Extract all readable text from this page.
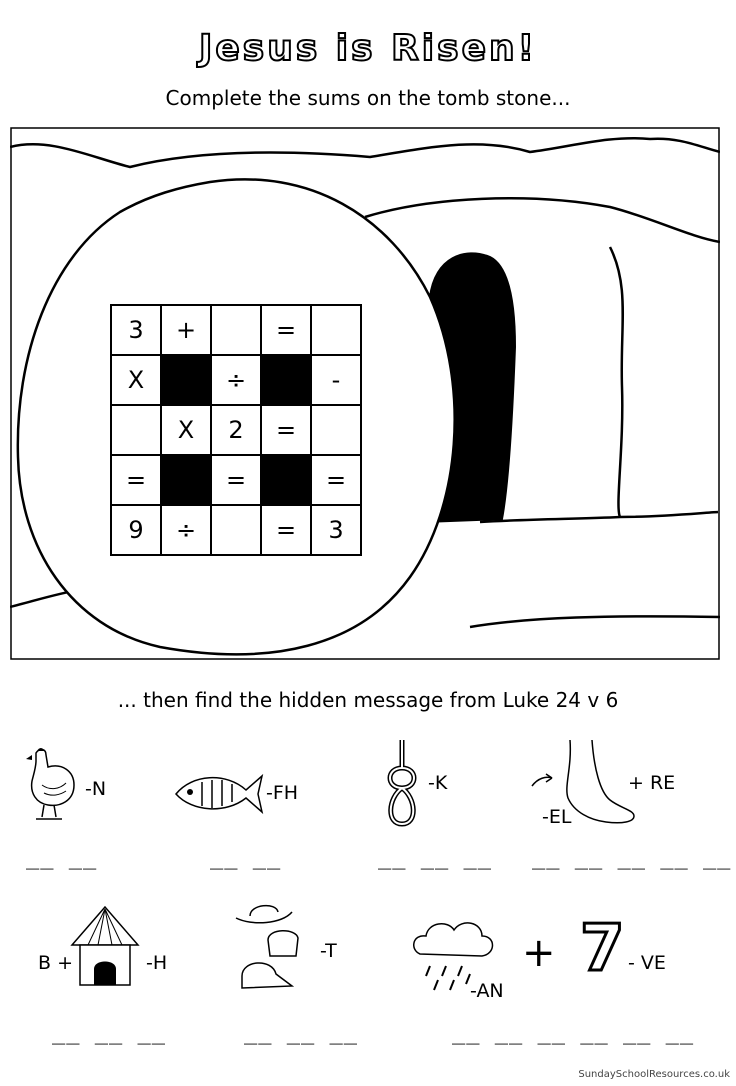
Jesus is Risen!
Complete the sums on the tomb stone...
3	+		=	
X		÷		-
	X	2	=	
=		=		=
9	÷		=	3
... then find the hidden message from Luke 24 v 6
-N
__ __
-FH
__ __
-K
__ __ __
-EL
+ RE
__ __ __ __ __
B +	-H
__ __ __
-T
__ __ __
-AN
+ 7 - VE
__ __ __ __ __ __
SundaySchoolResources.co.uk
